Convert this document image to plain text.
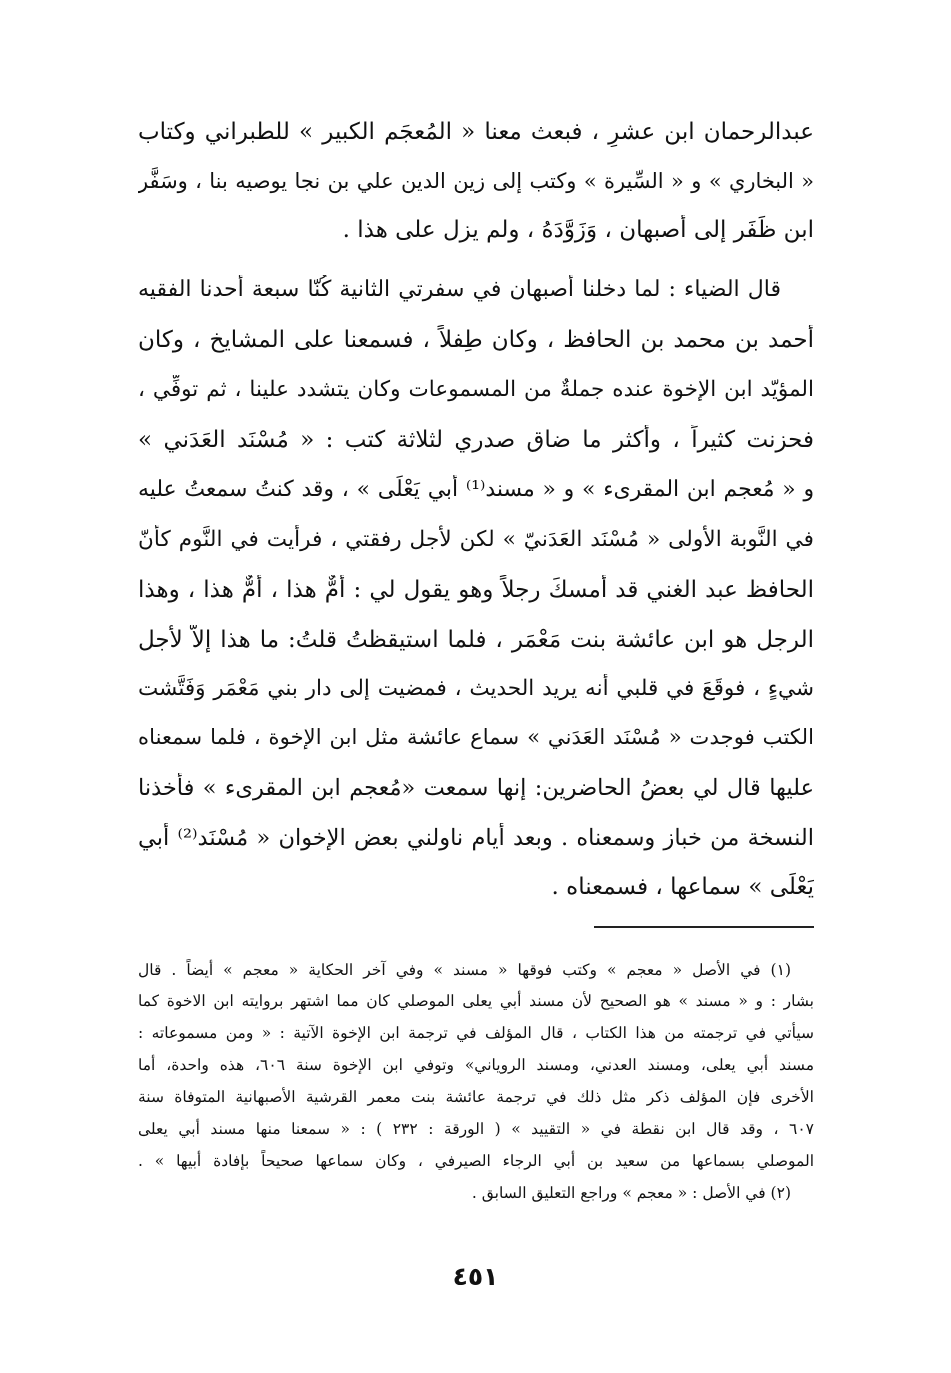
عبدالرحمان ابن عشرٍ ، فبعث معنا « المُعجَم الكبير » للطبراني وكتاب
« البخاري » و « السِّيرة » وكتب إلى زين الدين علي بن نجا يوصيه بنا ، وسَفَّر
ابن ظَفَر إلى أصبهان ، وَزَوَّدَهُ ، ولم يزل على هذا .
قال الضياء : لما دخلنا أصبهان في سفرتي الثانية كُنّا سبعة أحدنا الفقيه
أحمد بن محمد بن الحافظ ، وكان طِفلاً ، فسمعنا على المشايخ ، وكان
المؤيّد ابن الإخوة عنده جملةٌ من المسموعات وكان يتشدد علينا ، ثم توفِّي ،
فحزنت كثيراً ، وأكثر ما ضاق صدري لثلاثة كتب : « مُسْنَد العَدَني »
و « مُعجم ابن المقرىء » و « مسند⁽¹⁾ أبي يَعْلَى » ، وقد كنتُ سمعتُ عليه
في النَّوبة الأُولى « مُسْنَد العَدَنيّ » لكن لأجل رفقتي ، فرأيت في النَّوم كأنّ
الحافظ عبد الغني قد أمسكَ رجلاً وهو يقول لي : أُمٌّ هذا ، أُمٌّ هذا ، وهذا
الرجل هو ابن عائشة بنت مَعْمَر ، فلما استيقظتُ قلتُ: ما هذا إلاّ لأجل
شيءٍ ، فوقَعَ في قلبي أنه يريد الحديث ، فمضيت إلى دار بني مَعْمَر وَفَتَّشت
الكتب فوجدت « مُسْنَد العَدَني » سماع عائشة مثل ابن الإخوة ، فلما سمعناه
عليها قال لي بعضُ الحاضرين: إنها سمعت «مُعجم ابن المقرىء » فأخذنا
النسخة من خباز وسمعناه . وبعد أيام ناولني بعض الإخوان « مُسْنَد⁽²⁾ أبي
يَعْلَى » سماعها ، فسمعناه .
(١) في الأصل « معجم » وكتب فوقها « مسند » وفي آخر الحكاية « معجم » أيضاً . قال
بشار : و « مسند » هو الصحيح لأن مسند أبي يعلى الموصلي كان مما اشتهر بروايته ابن الاخوة كما
سيأتي في ترجمته من هذا الكتاب ، قال المؤلف في ترجمة ابن الإخوة الآتية : « ومن مسموعاته :
مسند أبي يعلى، ومسند العدني، ومسند الروياني» وتوفي ابن الإخوة سنة ٦٠٦، هذه واحدة، أما
الأخرى فإن المؤلف ذكر مثل ذلك في ترجمة عائشة بنت معمر القرشية الأصبهانية المتوفاة سنة
٦٠٧ ، وقد قال ابن نقطة في « التقييد » ( الورقة : ٢٣٢ ) : « سمعنا منها مسند أبي يعلى
الموصلي بسماعها من سعيد بن أبي الرجاء الصيرفي ، وكان سماعها صحيحاً بإفادة أبيها » .
(٢) في الأصل : « معجم » وراجع التعليق السابق .
٤٥١
